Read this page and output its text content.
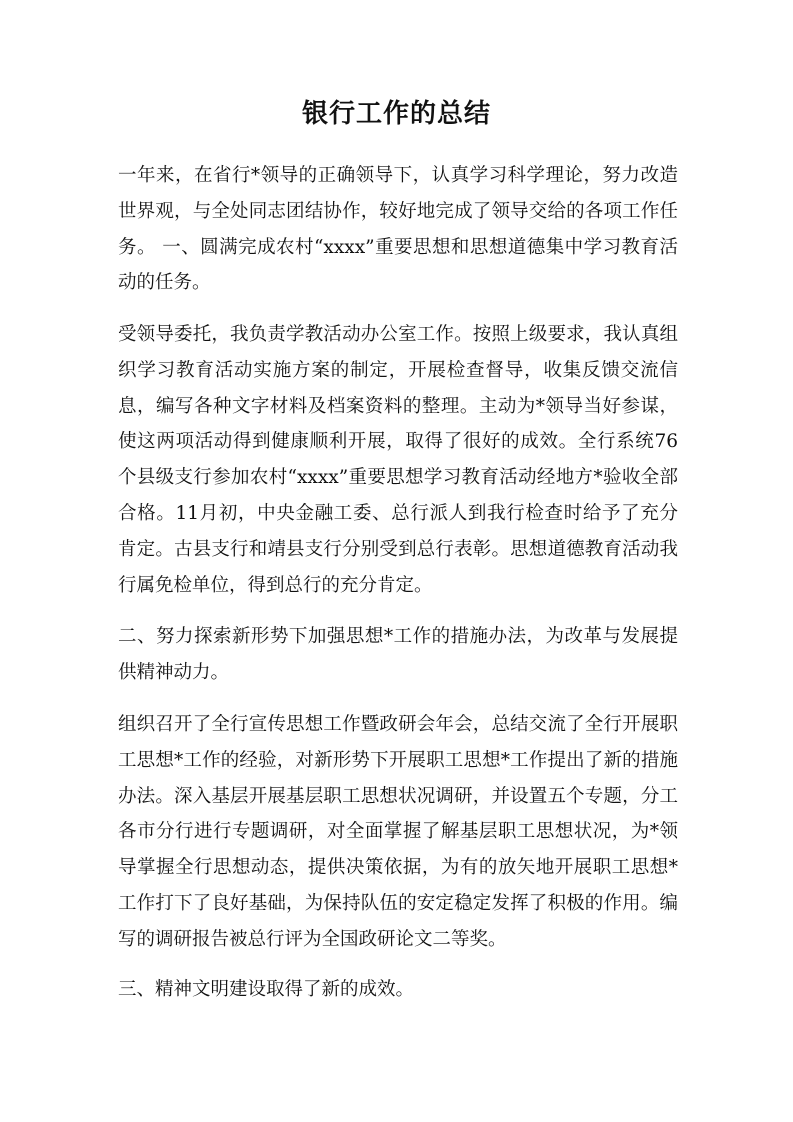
银行工作的总结
一年来，在省行*领导的正确领导下，认真学习科学理论，努力改造世界观，与全处同志团结协作，较好地完成了领导交给的各项工作任务。 一、圆满完成农村“xxxx”重要思想和思想道德集中学习教育活动的任务。
受领导委托，我负责学教活动办公室工作。按照上级要求，我认真组织学习教育活动实施方案的制定，开展检查督导，收集反馈交流信息，编写各种文字材料及档案资料的整理。主动为*领导当好参谋，使这两项活动得到健康顺利开展，取得了很好的成效。全行系统76个县级支行参加农村“xxxx”重要思想学习教育活动经地方*验收全部合格。11月初，中央金融工委、总行派人到我行检查时给予了充分肯定。古县支行和靖县支行分别受到总行表彰。思想道德教育活动我行属免检单位，得到总行的充分肯定。
二、努力探索新形势下加强思想*工作的措施办法，为改革与发展提供精神动力。
组织召开了全行宣传思想工作暨政研会年会，总结交流了全行开展职工思想*工作的经验，对新形势下开展职工思想*工作提出了新的措施办法。深入基层开展基层职工思想状况调研，并设置五个专题，分工各市分行进行专题调研，对全面掌握了解基层职工思想状况，为*领导掌握全行思想动态，提供决策依据，为有的放矢地开展职工思想*工作打下了良好基础，为保持队伍的安定稳定发挥了积极的作用。编写的调研报告被总行评为全国政研论文二等奖。
三、精神文明建设取得了新的成效。
